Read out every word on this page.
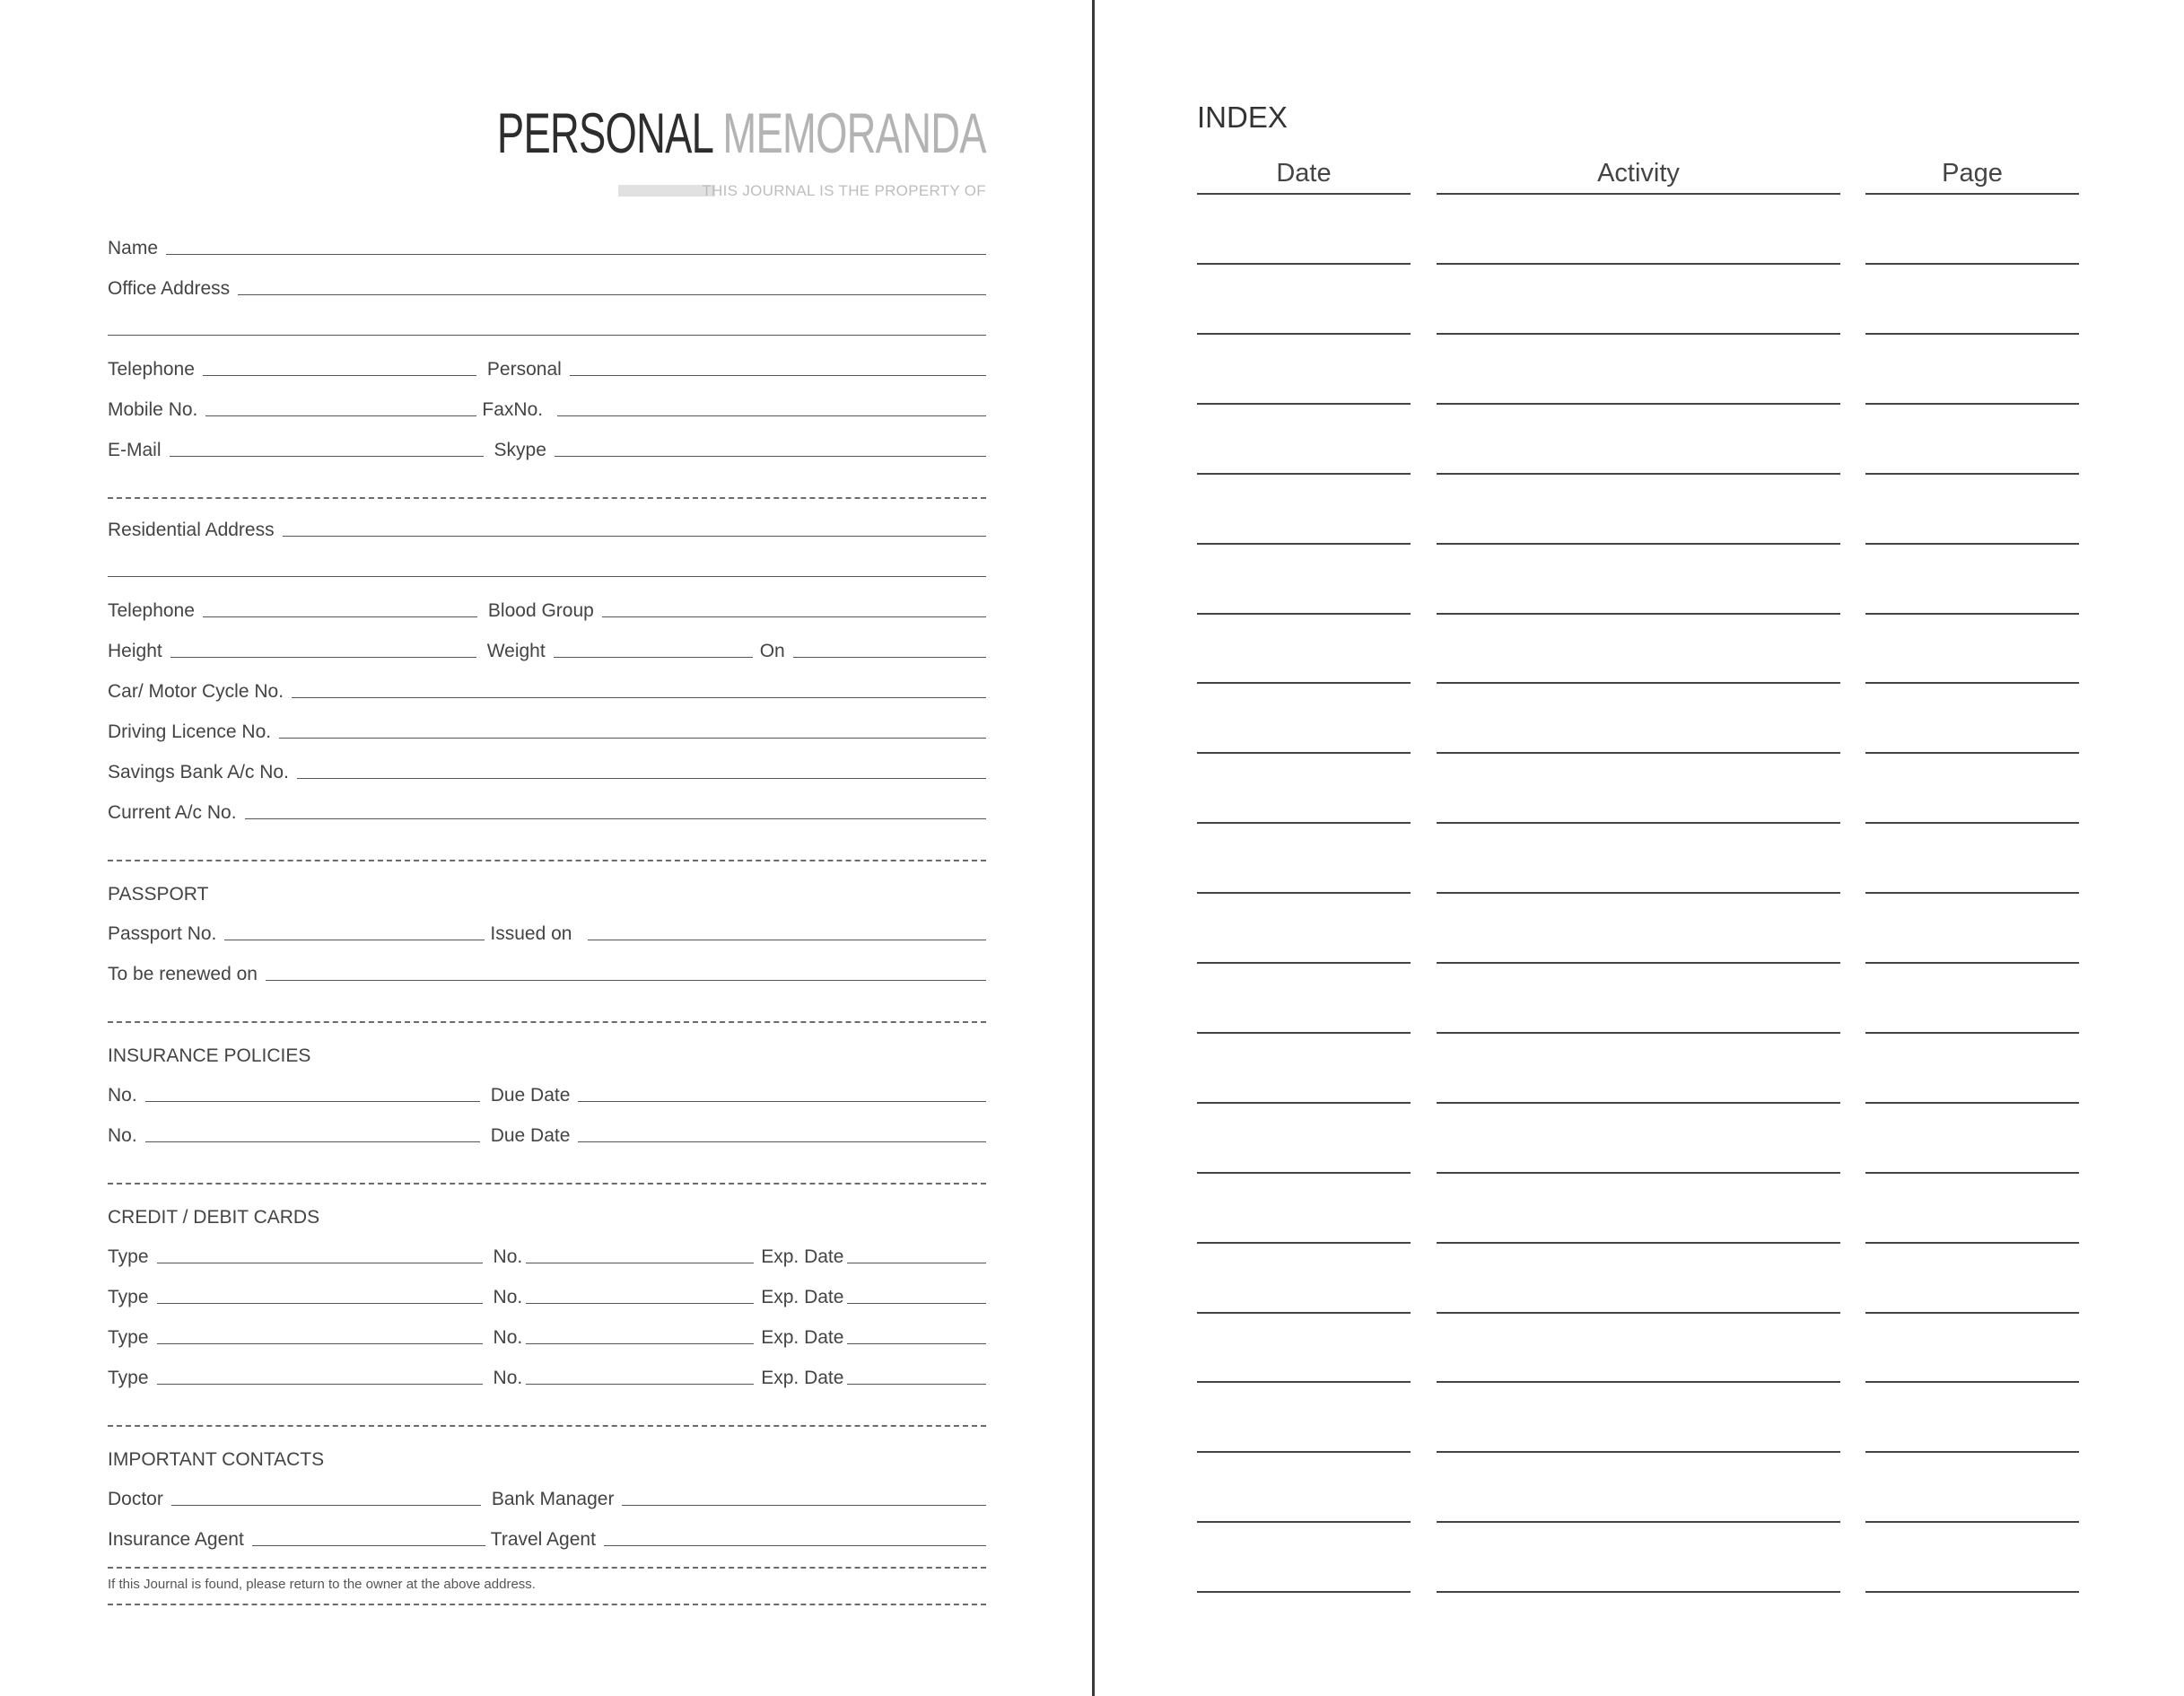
PERSONAL MEMORANDA
THIS JOURNAL IS THE PROPERTY OF
Name
Office Address
Telephone	Personal
Mobile No.	FaxNo.
E-Mail	Skype
Residential Address
Telephone	Blood Group
Height	Weight	On
Car/ Motor Cycle No.
Driving Licence No.
Savings Bank A/c No.
Current A/c No.
PASSPORT
Passport No.	Issued on
To be renewed on
INSURANCE POLICIES
No.	Due Date
No.	Due Date
CREDIT / DEBIT CARDS
Type	No.	Exp. Date
Type	No.	Exp. Date
Type	No.	Exp. Date
Type	No.	Exp. Date
IMPORTANT CONTACTS
Doctor	Bank Manager
Insurance Agent	Travel Agent
If this Journal is found, please return to the owner at the above address.
INDEX
Date	Activity	Page
